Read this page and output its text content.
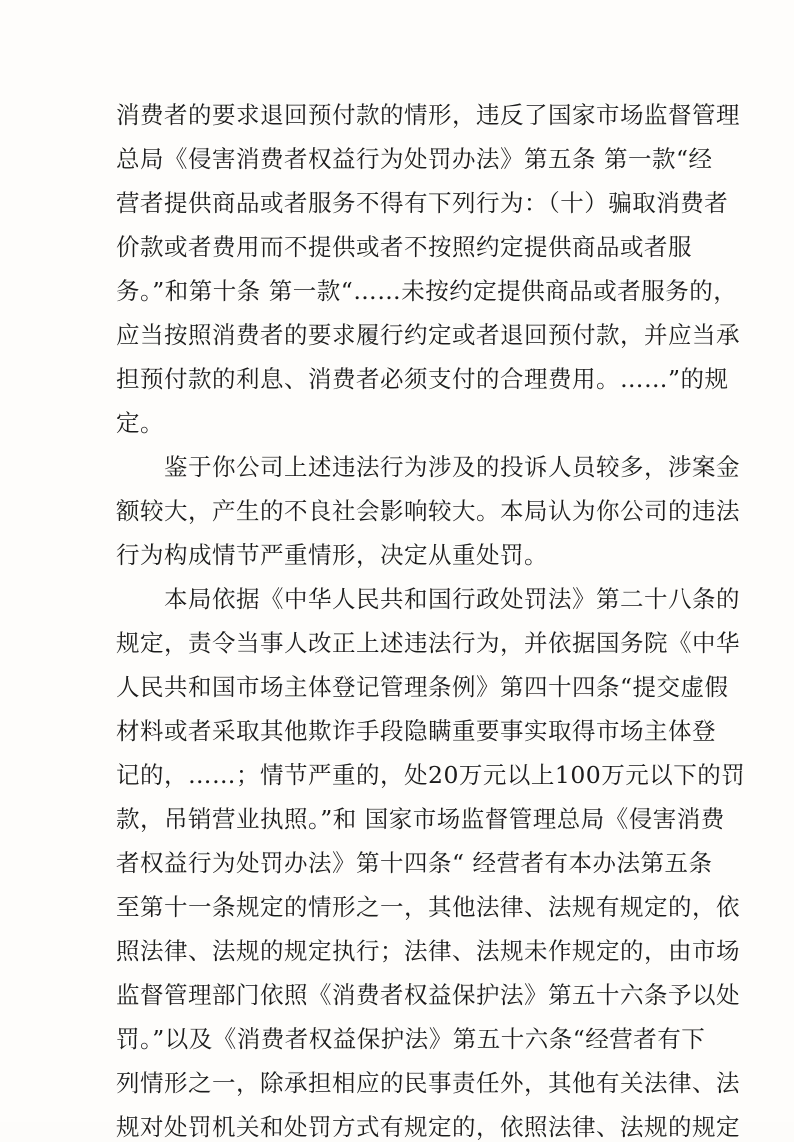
消费者的要求退回预付款的情形，违反了国家市场监督管理
总局《侵害消费者权益行为处罚办法》第五条 第一款“经
营者提供商品或者服务不得有下列行为：（十）骗取消费者
价款或者费用而不提供或者不按照约定提供商品或者服
务。”和第十条 第一款“……未按约定提供商品或者服务的，
应当按照消费者的要求履行约定或者退回预付款，并应当承
担预付款的利息、消费者必须支付的合理费用。……”的规
定。
鉴于你公司上述违法行为涉及的投诉人员较多，涉案金
额较大，产生的不良社会影响较大。本局认为你公司的违法
行为构成情节严重情形，决定从重处罚。
本局依据《中华人民共和国行政处罚法》第二十八条的
规定，责令当事人改正上述违法行为，并依据国务院《中华
人民共和国市场主体登记管理条例》第四十四条“提交虚假
材料或者采取其他欺诈手段隐瞒重要事实取得市场主体登
记的，……；情节严重的，处20万元以上100万元以下的罚
款，吊销营业执照。”和 国家市场监督管理总局《侵害消费
者权益行为处罚办法》第十四条“ 经营者有本办法第五条
至第十一条规定的情形之一，其他法律、法规有规定的，依
照法律、法规的规定执行；法律、法规未作规定的，由市场
监督管理部门依照《消费者权益保护法》第五十六条予以处
罚。”以及《消费者权益保护法》第五十六条“经营者有下
列情形之一，除承担相应的民事责任外，其他有关法律、法
规对处罚机关和处罚方式有规定的，依照法律、法规的规定
